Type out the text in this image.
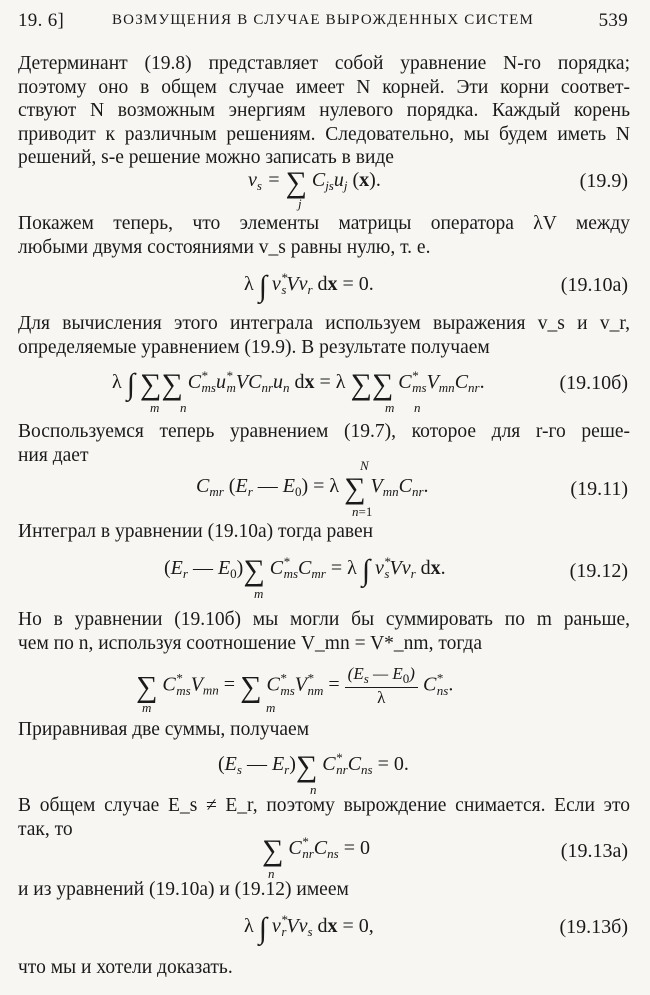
19. 6]	ВОЗМУЩЕНИЯ В СЛУЧАЕ ВЫРОЖДЕННЫХ СИСТЕМ	539
Детерминант (19.8) представляет собой уравнение N-го порядка;
поэтому оно в общем случае имеет N корней. Эти корни соответ-
ствуют N возможным энергиям нулевого порядка. Каждый корень
приводит к различным решениям. Следовательно, мы будем иметь N
решений, s-е решение можно записать в виде
$v_s$ = ∑ $C_{js}u_j$ (x).
j
(19.9)
Покажем теперь, что элементы матрицы оператора λV между
любыми двумя состояниями v_s равны нулю, т. е.
λ ∫ $v^*_sVv_r$ dx = 0.	(19.10а)
Для вычисления этого интеграла используем выражения v_s и v_r,
определяемые уравнением (19.9). В результате получаем
λ ∫ ∑∑ $C^*_{ms}u^*_mVC_{nr}u_n$ dx = λ ∑∑ $C^*_{ms}V_{mn}C_{nr}$.
m n	m n
(19.10б)
Воспользуемся теперь уравнением (19.7), которое для r-го реше-
ния дает	N
$C_{mr}$ ($E_r$ — $E_0) = \lambda$ ∑ $V_{mn}C_{nr}$.
n=1
(19.11)
Интеграл в уравнении (19.10а) тогда равен
($E_r$ — $E_0)\sum$ $C^*_{ms}C_{mr} = \lambda$ ∫ $v^*_sVv_r$ dx.
m
(19.12)
Но в уравнении (19.10б) мы могли бы суммировать по m раньше,
чем по n, используя соотношение V_mn = V*_nm, тогда
∑ $C^*_{ms}V_{mn}$ = ∑ $C^*_{ms}V^*_{nm} = \frac{(E_s — E_0)}{\lambda} C^*_{ns}$.
m	m
Приравнивая две суммы, получаем
($E_s$ — $E_r)\sum$ $C^*_{nr}C_{ns} = 0$.
n
В общем случае E_s ≠ E_r, поэтому вырождение снимается. Если это
так, то
∑ $C^*_{nr}C_{ns} = 0$
n
(19.13а)
и из уравнений (19.10а) и (19.12) имеем
λ ∫ $v^*_rVv_s$ dx = 0,	(19.13б)
что мы и хотели доказать.
